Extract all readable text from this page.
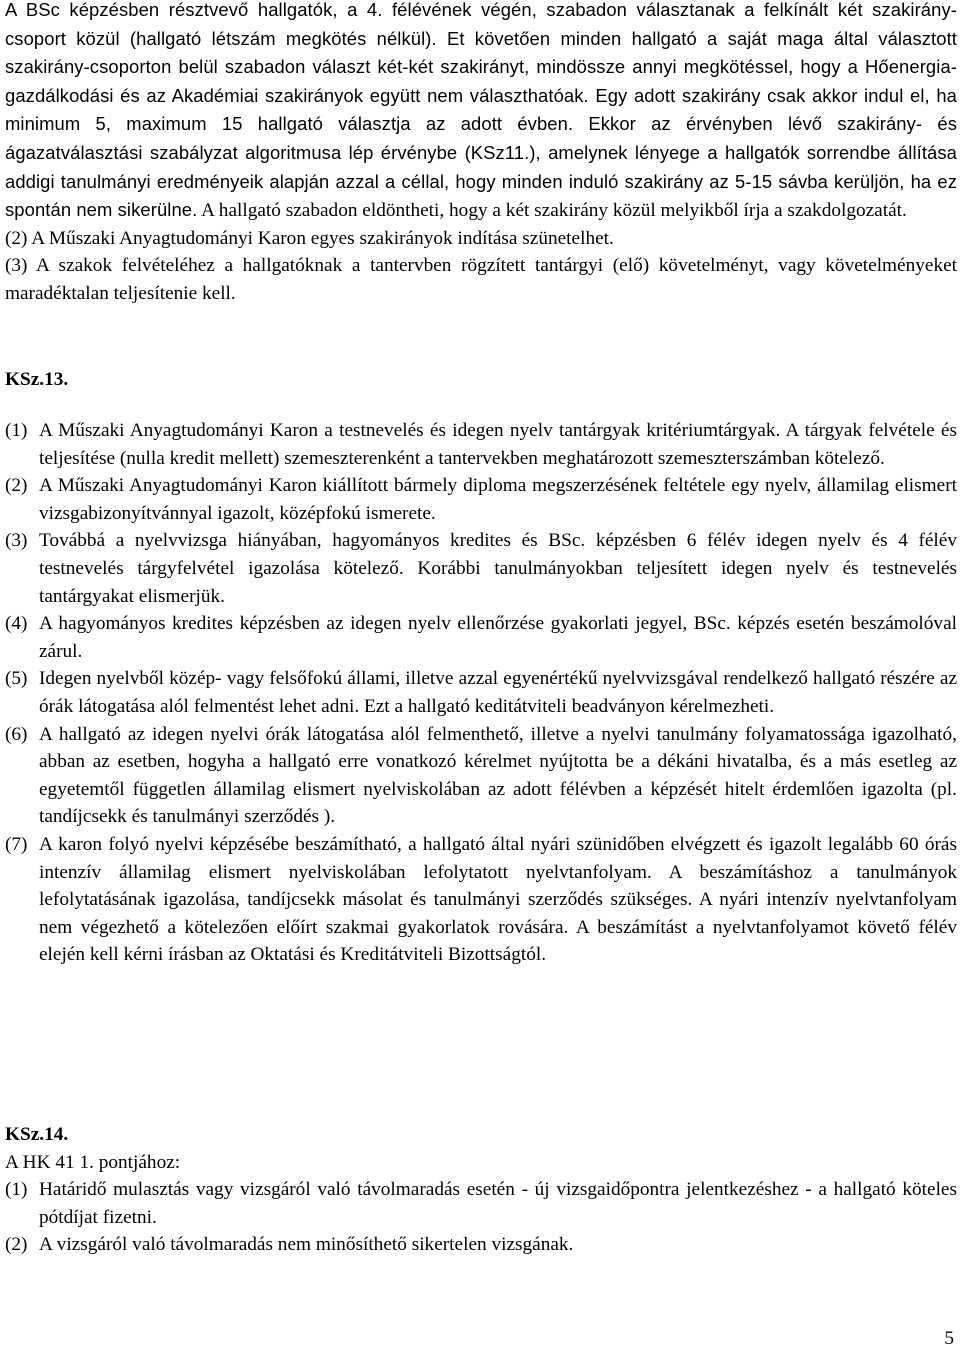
A BSc képzésben résztvevő hallgatók, a 4. félévének végén, szabadon választanak a felkínált két szakirány-csoport közül (hallgató létszám megkötés nélkül). Et követően minden hallgató a saját maga által választott szakirány-csoporton belül szabadon választ két-két szakirányt, mindössze annyi megkötéssel, hogy a Hőenergia-gazdálkodási és az Akadémiai szakirányok együtt nem választhatóak. Egy adott szakirány csak akkor indul el, ha minimum 5, maximum 15 hallgató választja az adott évben. Ekkor az érvényben lévő szakirány- és ágazatválasztási szabályzat algoritmusa lép érvénybe (KSz11.), amelynek lényege a hallgatók sorrendbe állítása addigi tanulmányi eredményeik alapján azzal a céllal, hogy minden induló szakirány az 5-15 sávba kerüljön, ha ez spontán nem sikerülne. A hallgató szabadon eldöntheti, hogy a két szakirány közül melyikből írja a szakdolgozatát.

(2) A Műszaki Anyagtudományi Karon egyes szakirányok indítása szünetelhet.

(3) A szakok felvételéhez a hallgatóknak a tantervben rögzített tantárgyi (elő) követelményt, vagy követelményeket maradéktalan teljesítenie kell.

KSz.13.
(1) A Műszaki Anyagtudományi Karon a testnevelés és idegen nyelv tantárgyak kritériumtárgyak. A tárgyak felvétele és teljesítése (nulla kredit mellett) szemeszterenként a tantervekben meghatározott szemeszterszámban kötelező.
(2) A Műszaki Anyagtudományi Karon kiállított bármely diploma megszerzésének feltétele egy nyelv, államilag elismert vizsgabizonyítvánnyal igazolt, középfokú ismerete.
(3) Továbbá a nyelvvizsga hiányában, hagyományos kredites és BSc. képzésben 6 félév idegen nyelv és 4 félév testnevelés tárgyfelvétel igazolása kötelező. Korábbi tanulmányokban teljesített idegen nyelv és testnevelés tantárgyakat elismerjük.
(4) A hagyományos kredites képzésben az idegen nyelv ellenőrzése gyakorlati jegyel, BSc. képzés esetén beszámolóval zárul.
(5) Idegen nyelvből közép- vagy felsőfokú állami, illetve azzal egyenértékű nyelvvizsgával rendelkező hallgató részére az órák látogatása alól felmentést lehet adni. Ezt a hallgató keditátviteli beadványon kérelmezheti.
(6) A hallgató az idegen nyelvi órák látogatása alól felmenthető, illetve a nyelvi tanulmány folyamatossága igazolható, abban az esetben, hogyha a hallgató erre vonatkozó kérelmet nyújtotta be a dékáni hivatalba, és a más esetleg az egyetemtől független államilag elismert nyelviskolában az adott félévben a képzését hitelt érdemlően igazolta (pl. tandíjcsekk és tanulmányi szerződés ).
(7) A karon folyó nyelvi képzésébe beszámítható, a hallgató által nyári szünidőben elvégzett és igazolt legalább 60 órás intenzív államilag elismert nyelviskolában lefolytatott nyelvtanfolyam. A beszámításhoz a tanulmányok lefolytatásának igazolása, tandíjcsekk másolat és tanulmányi szerződés szükséges. A nyári intenzív nyelvtanfolyam nem végezhető a kötelezően előírt szakmai gyakorlatok rovására. A beszámítást a nyelvtanfolyamot követő félév elején kell kérni írásban az Oktatási és Kreditátviteli Bizottságtól.
KSz.14.
A HK 41 1. pontjához:
(1) Határidő mulasztás vagy vizsgáról való távolmaradás esetén - új vizsgaidőpontra jelentkezéshez - a hallgató köteles pótdíjat fizetni.
(2) A vizsgáról való távolmaradás nem minősíthető sikertelen vizsgának.
5
